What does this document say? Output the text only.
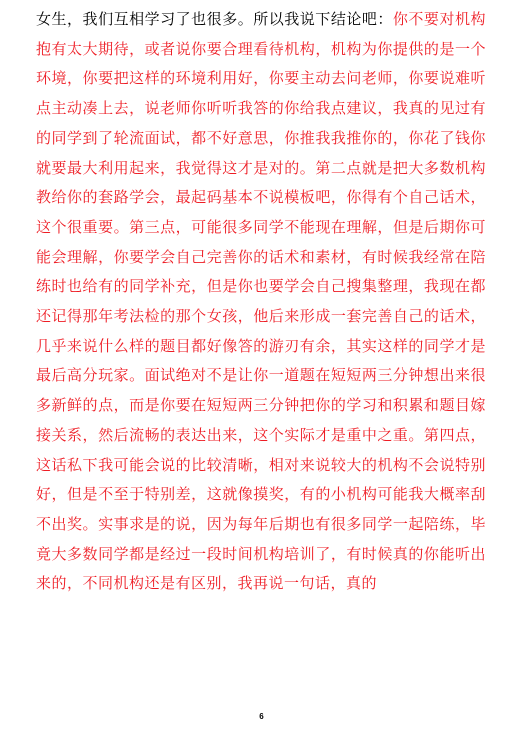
女生，我们互相学习了也很多。所以我说下结论吧：你不要对机构抱有太大期待，或者说你要合理看待机构，机构为你提供的是一个环境，你要把这样的环境利用好，你要主动去问老师，你要说难听点主动凑上去，说老师你听听我答的你给我点建议，我真的见过有的同学到了轮流面试，都不好意思，你推我我推你的，你花了钱你就要最大利用起来，我觉得这才是对的。第二点就是把大多数机构教给你的套路学会，最起码基本不说模板吧，你得有个自己话术，这个很重要。第三点，可能很多同学不能现在理解，但是后期你可能会理解，你要学会自己完善你的话术和素材，有时候我经常在陪练时也给有的同学补充，但是你也要学会自己搜集整理，我现在都还记得那年考法检的那个女孩，他后来形成一套完善自己的话术，几乎来说什么样的题目都好像答的游刃有余，其实这样的同学才是最后高分玩家。面试绝对不是让你一道题在短短两三分钟想出来很多新鲜的点，而是你要在短短两三分钟把你的学习和积累和题目嫁接关系，然后流畅的表达出来，这个实际才是重中之重。第四点，这话私下我可能会说的比较清晰，相对来说较大的机构不会说特别好，但是不至于特别差，这就像摸奖，有的小机构可能我大概率刮不出奖。实事求是的说，因为每年后期也有很多同学一起陪练，毕竟大多数同学都是经过一段时间机构培训了，有时候真的你能听出来的，不同机构还是有区别，我再说一句话，真的

6
